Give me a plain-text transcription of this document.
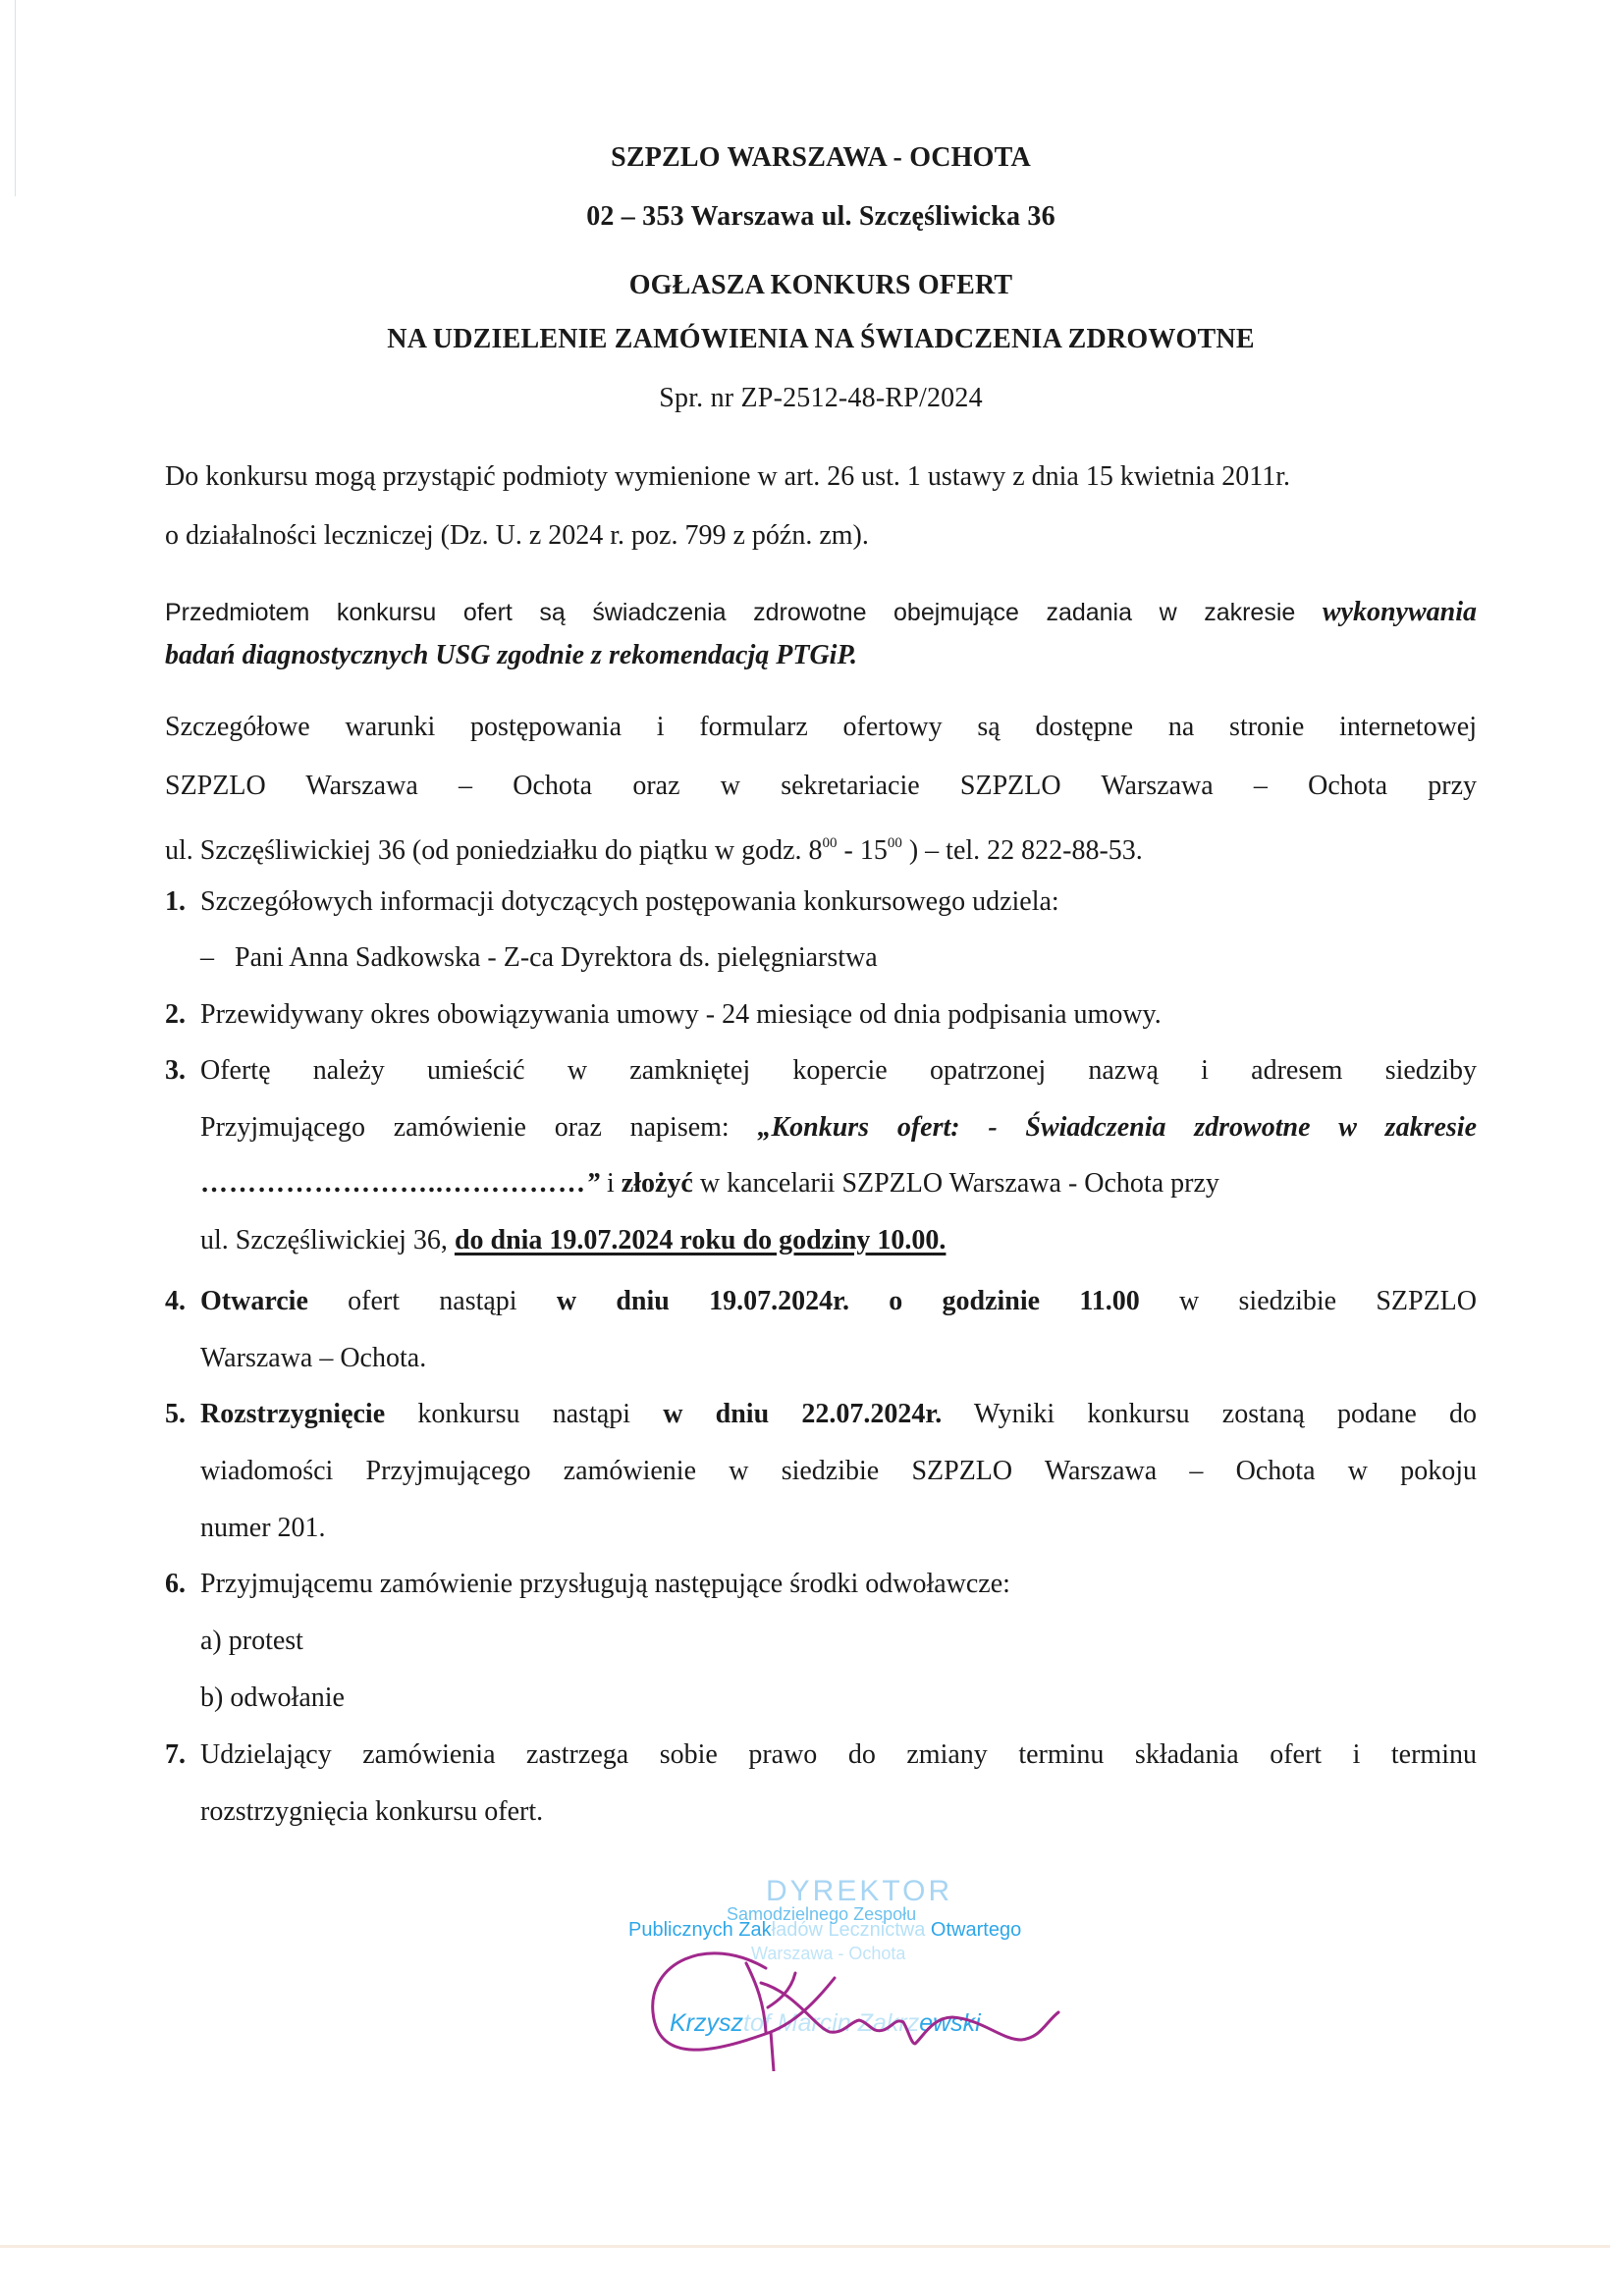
SZPZLO WARSZAWA - OCHOTA
02 – 353 Warszawa ul. Szczęśliwicka 36
OGŁASZA KONKURS OFERT
NA UDZIELENIE ZAMÓWIENIA NA ŚWIADCZENIA ZDROWOTNE
Spr. nr ZP-2512-48-RP/2024
Do konkursu mogą przystąpić podmioty wymienione w art. 26 ust. 1 ustawy z dnia 15 kwietnia 2011r.
o działalności leczniczej (Dz. U. z 2024 r. poz. 799 z późn. zm).
Przedmiotem konkursu ofert są świadczenia zdrowotne obejmujące zadania w zakresie wykonywania
badań diagnostycznych USG zgodnie z rekomendacją PTGiP.
Szczegółowe warunki postępowania i formularz ofertowy są dostępne na stronie internetowej
SZPZLO Warszawa – Ochota oraz w sekretariacie SZPZLO Warszawa – Ochota przy
ul. Szczęśliwickiej 36 (od poniedziałku do piątku w godz. $8^{00} - 15^{00}$ ) – tel. 22 822-88-53.
1. Szczegółowych informacji dotyczących postępowania konkursowego udziela:
– Pani Anna Sadkowska - Z-ca Dyrektora ds. pielęgniarstwa
2. Przewidywany okres obowiązywania umowy - 24 miesiące od dnia podpisania umowy.
3. Ofertę należy umieścić w zamkniętej kopercie opatrzonej nazwą i adresem siedziby
Przyjmującego zamówienie oraz napisem: „Konkurs ofert: - Świadczenia zdrowotne w zakresie
……………………..……………” i złożyć w kancelarii SZPZLO Warszawa - Ochota przy
ul. Szczęśliwickiej 36, do dnia 19.07.2024 roku do godziny 10.00.
4. Otwarcie ofert nastąpi w dniu 19.07.2024r. o godzinie 11.00 w siedzibie SZPZLO
Warszawa – Ochota.
5. Rozstrzygnięcie konkursu nastąpi w dniu 22.07.2024r. Wyniki konkursu zostaną podane do
wiadomości Przyjmującego zamówienie w siedzibie SZPZLO Warszawa – Ochota w pokoju
numer 201.
6. Przyjmującemu zamówienie przysługują następujące środki odwoławcze:
a) protest
b) odwołanie
7. Udzielający zamówienia zastrzega sobie prawo do zmiany terminu składania ofert i terminu
rozstrzygnięcia konkursu ofert.
DYREKTOR
Samodzielnego Zespołu
Publicznych Zakładów Lecznictwa Otwartego
Warszawa - Ochota
Krzysztof Marcin Zakrzewski
